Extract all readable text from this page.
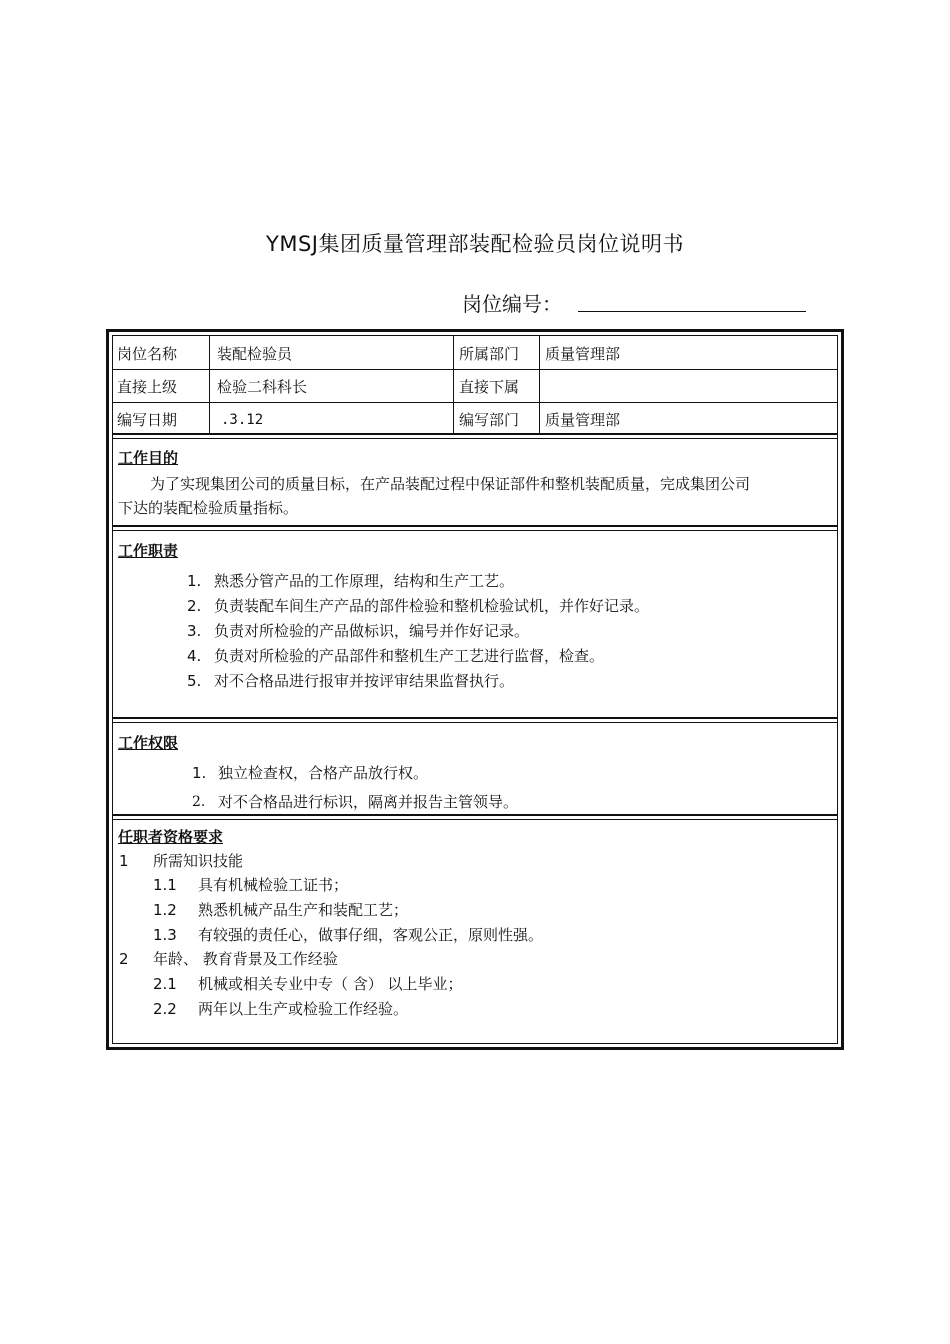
YMSJ集团质量管理部装配检验员岗位说明书
岗位编号：
岗位名称	装配检验员	所属部门 质量管理部
直接上级	检验二科科长	直接下属
编写日期	.3.12	编写部门 质量管理部
工作目的
为了实现集团公司的质量目标，在产品装配过程中保证部件和整机装配质量，完成集团公司
下达的装配检验质量指标。
工作职责
1. 熟悉分管产品的工作原理，结构和生产工艺。
2. 负责装配车间生产产品的部件检验和整机检验试机，并作好记录。
3. 负责对所检验的产品做标识，编号并作好记录。
4. 负责对所检验的产品部件和整机生产工艺进行监督，检查。
5. 对不合格品进行报审并按评审结果监督执行。
工作权限
1. 独立检查权，合格产品放行权。
2. 对不合格品进行标识，隔离并报告主管领导。
任职者资格要求
1 所需知识技能
1.1 具有机械检验工证书；
1.2 熟悉机械产品生产和装配工艺；
1.3 有较强的责任心，做事仔细，客观公正，原则性强。
2 年龄、 教育背景及工作经验
2.1 机械或相关专业中专（ 含） 以上毕业；
2.2 两年以上生产或检验工作经验。
